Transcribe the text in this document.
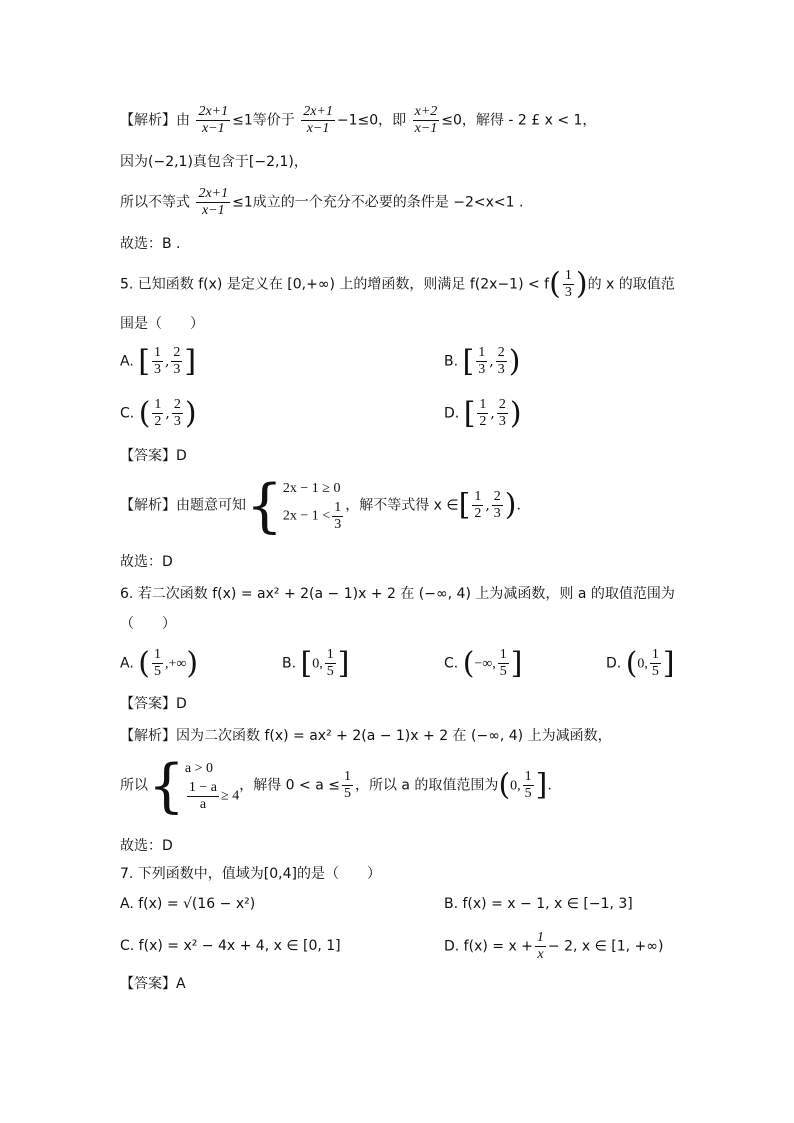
【解析】由 $\frac{2x+1}{x-1} \le 1$等价于 $\frac{2x+1}{x-1} -1\le 0$，即 $\frac{x+2}{x-1} \le 0$，解得 - 2 £ x < 1，
因为(−2,1)真包含于[−2,1)，
所以不等式 $\frac{2x+1}{x-1} \le 1$成立的一个充分不必要的条件是 −2<x<1 .
故选：B .
5. 已知函数 f(x) 是定义在 [0,+∞) 上的增函数，则满足 $f(2x-1) < f( \frac{1}{3}$ )的 x 的取值范
围是（　　）
A. [ $\frac{1}{3}$ , $\frac{2}{3}$ ]	B. [ $\frac{1}{3}$ , $\frac{2}{3}$ )
C. ( $\frac{1}{2}$ , $\frac{2}{3}$ )	D. [ $\frac{1}{2}$ , $\frac{2}{3}$ )
【答案】D
【解析】由题意可知{ 2x − 1 ≥ 0
$2x - 1 < \frac{1}{3}$ ，解不等式得 x ∈[ $\frac{1}{2}$ , $\frac{2}{3}$ ).
故选：D
6. 若二次函数 f(x) = ax² + 2(a − 1)x + 2 在 (−∞, 4) 上为减函数，则 a 的取值范围为
（　　）
A. ( $\frac{1}{5}$ ,+∞)	B. [0, $\frac{1}{5}$ ]	C. (−∞, $\frac{1}{5}$ ]	D. (0, $\frac{1}{5}$ ]
【答案】D
【解析】因为二次函数 f(x) = ax² + 2(a − 1)x + 2 在 (−∞, 4) 上为减函数，
所以{ a > 0
$\frac{1 - a}{a} \ge 4$
，解得 $0 < a \le \frac{1}{5}$ ，所以 a 的取值范围为(0, $\frac{1}{5}$ ].
故选：D
7. 下列函数中，值域为[0,4]的是（　　）
A. f(x) = √(16 − x²)	B. f(x) = x − 1, x ∈ [−1, 3]
C. f(x) = x² − 4x + 4, x ∈ [0, 1]	D. $f(x) = x + \frac{1}{x} - 2$, x ∈ [1, +∞)
【答案】A
